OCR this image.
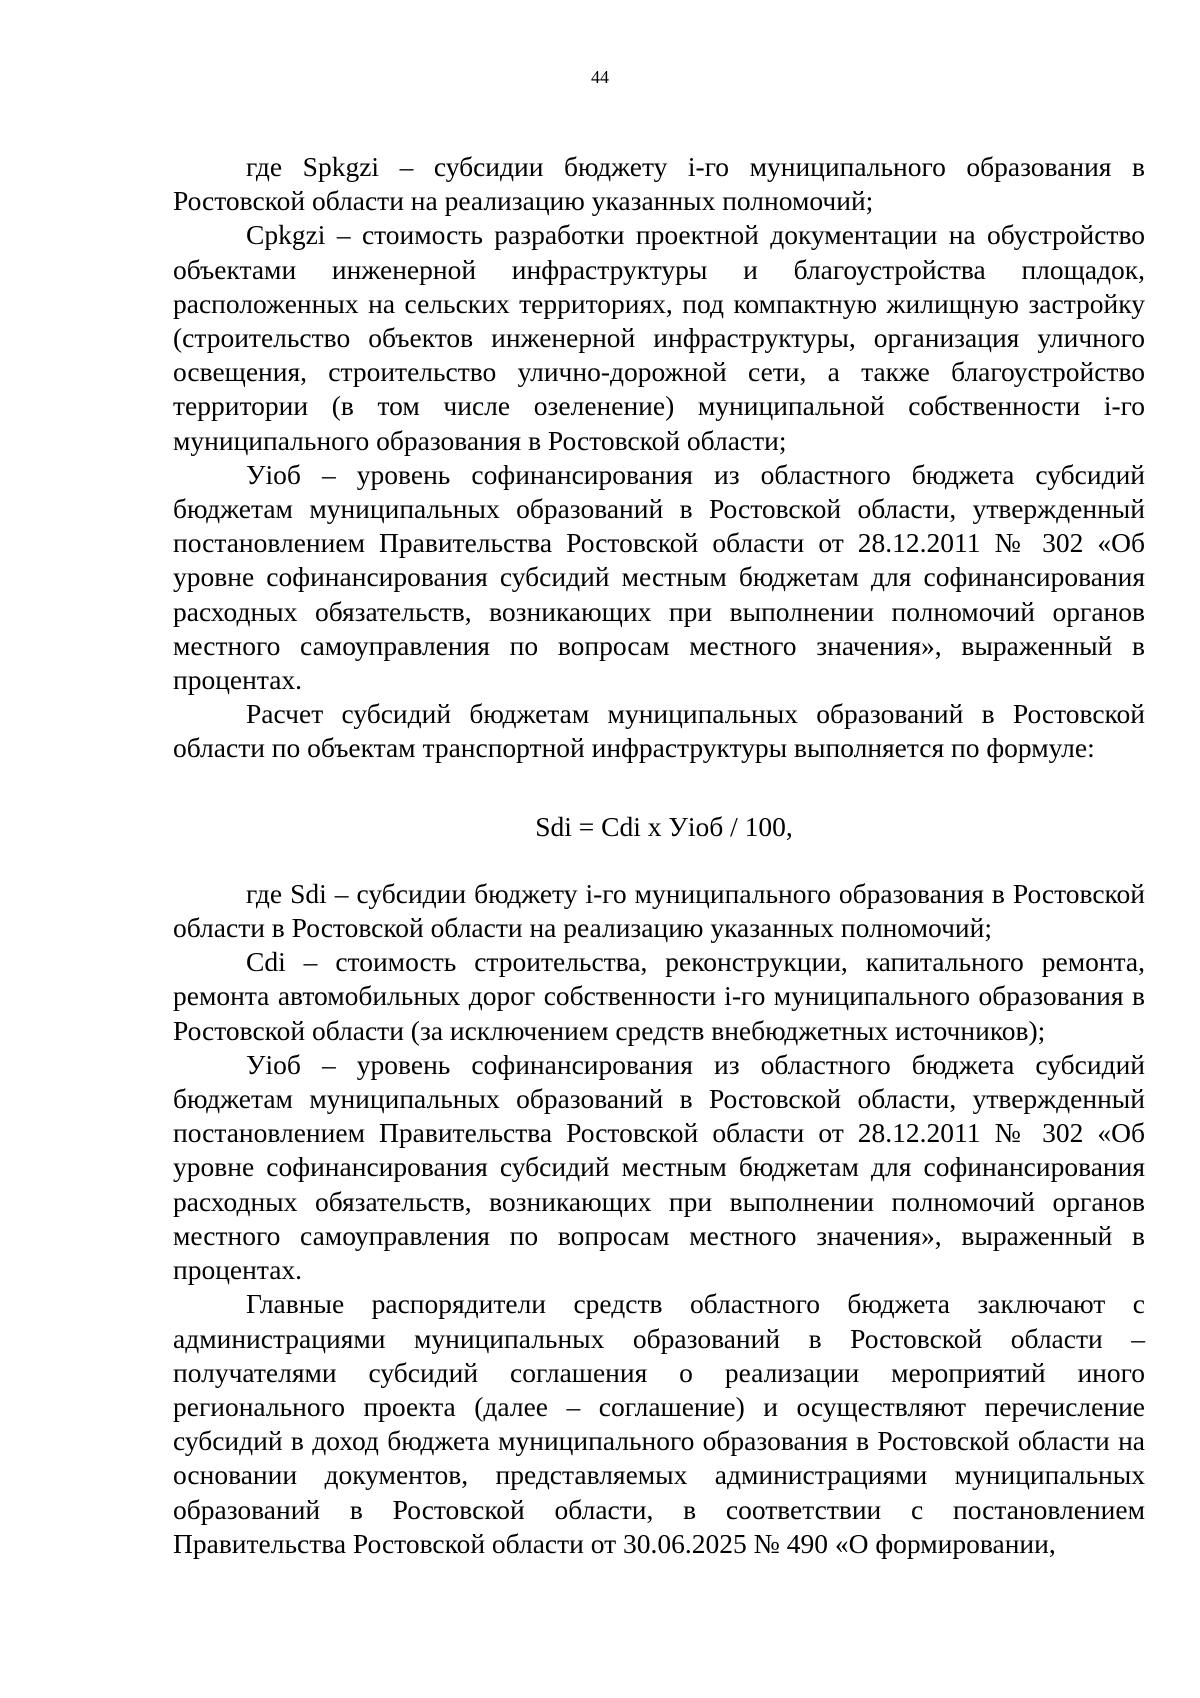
44

где Spkgzi – субсидии бюджету i-го муниципального образования в Ростовской области на реализацию указанных полномочий;

Cpkgzi – стоимость разработки проектной документации на обустройство объектами инженерной инфраструктуры и благоустройства площадок, расположенных на сельских территориях, под компактную жилищную застройку (строительство объектов инженерной инфраструктуры, организация уличного освещения, строительство улично-дорожной сети, а также благоустройство территории (в том числе озеленение) муниципальной собственности i-го муниципального образования в Ростовской области;

Уioб – уровень софинансирования из областного бюджета субсидий бюджетам муниципальных образований в Ростовской области, утвержденный постановлением Правительства Ростовской области от 28.12.2011 № 302 «Об уровне софинансирования субсидий местным бюджетам для софинансирования расходных обязательств, возникающих при выполнении полномочий органов местного самоуправления по вопросам местного значения», выраженный в процентах.

Расчет субсидий бюджетам муниципальных образований в Ростовской области по объектам транспортной инфраструктуры выполняется по формуле:

Sdi = Cdi x Уioб / 100,

где Sdi – субсидии бюджету i-го муниципального образования в Ростовской области в Ростовской области на реализацию указанных полномочий;

Cdi – стоимость строительства, реконструкции, капитального ремонта, ремонта автомобильных дорог собственности i-го муниципального образования в Ростовской области (за исключением средств внебюджетных источников);

Уioб – уровень софинансирования из областного бюджета субсидий бюджетам муниципальных образований в Ростовской области, утвержденный постановлением Правительства Ростовской области от 28.12.2011 № 302 «Об уровне софинансирования субсидий местным бюджетам для софинансирования расходных обязательств, возникающих при выполнении полномочий органов местного самоуправления по вопросам местного значения», выраженный в процентах.

Главные распорядители средств областного бюджета заключают с администрациями муниципальных образований в Ростовской области – получателями субсидий соглашения о реализации мероприятий иного регионального проекта (далее – соглашение) и осуществляют перечисление субсидий в доход бюджета муниципального образования в Ростовской области на основании документов, представляемых администрациями муниципальных образований в Ростовской области, в соответствии с постановлением Правительства Ростовской области от 30.06.2025 № 490 «О формировании,
